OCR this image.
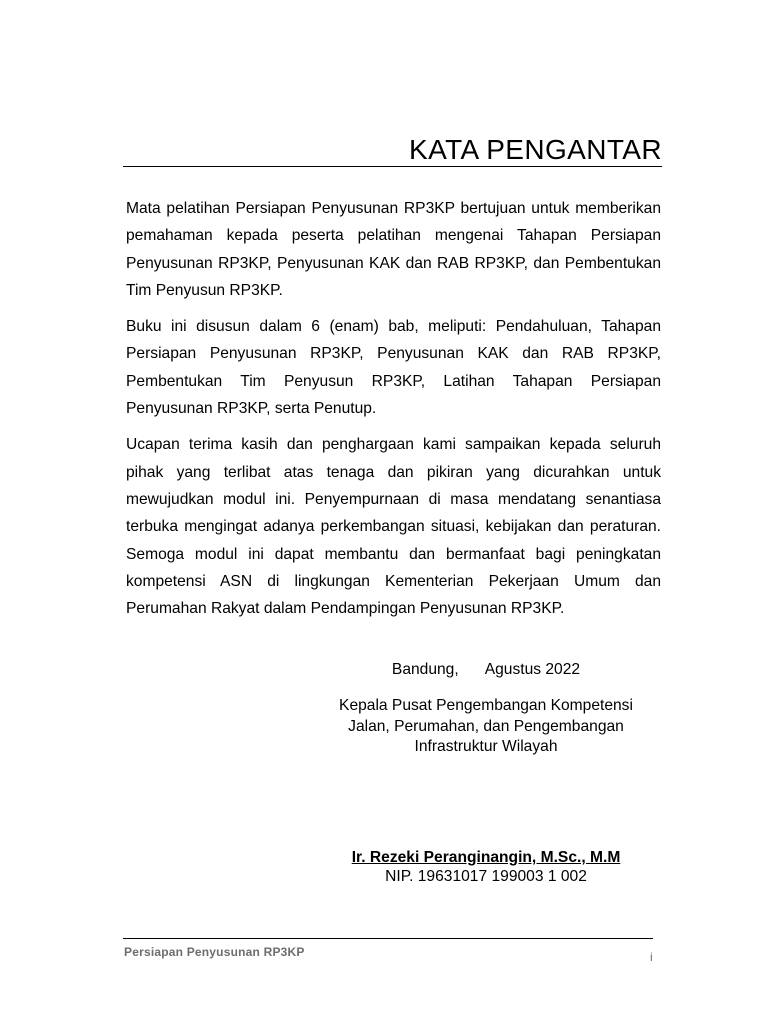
KATA PENGANTAR

Mata pelatihan Persiapan Penyusunan RP3KP bertujuan untuk memberikan pemahaman kepada peserta pelatihan mengenai Tahapan Persiapan Penyusunan RP3KP, Penyusunan KAK dan RAB RP3KP, dan Pembentukan Tim Penyusun RP3KP.

Buku ini disusun dalam 6 (enam) bab, meliputi: Pendahuluan, Tahapan Persiapan Penyusunan RP3KP, Penyusunan KAK dan RAB RP3KP, Pembentukan Tim Penyusun RP3KP, Latihan Tahapan Persiapan Penyusunan RP3KP, serta Penutup.

Ucapan terima kasih dan penghargaan kami sampaikan kepada seluruh pihak yang terlibat atas tenaga dan pikiran yang dicurahkan untuk mewujudkan modul ini. Penyempurnaan di masa mendatang senantiasa terbuka mengingat adanya perkembangan situasi, kebijakan dan peraturan. Semoga modul ini dapat membantu dan bermanfaat bagi peningkatan kompetensi ASN di lingkungan Kementerian Pekerjaan Umum dan Perumahan Rakyat dalam Pendampingan Penyusunan RP3KP.

Bandung, Agustus 2022
Kepala Pusat Pengembangan Kompetensi
Jalan, Perumahan, dan Pengembangan
Infrastruktur Wilayah
Ir. Rezeki Peranginangin, M.Sc., M.M
NIP. 19631017 199003 1 002
Persiapan Penyusunan RP3KP	i
